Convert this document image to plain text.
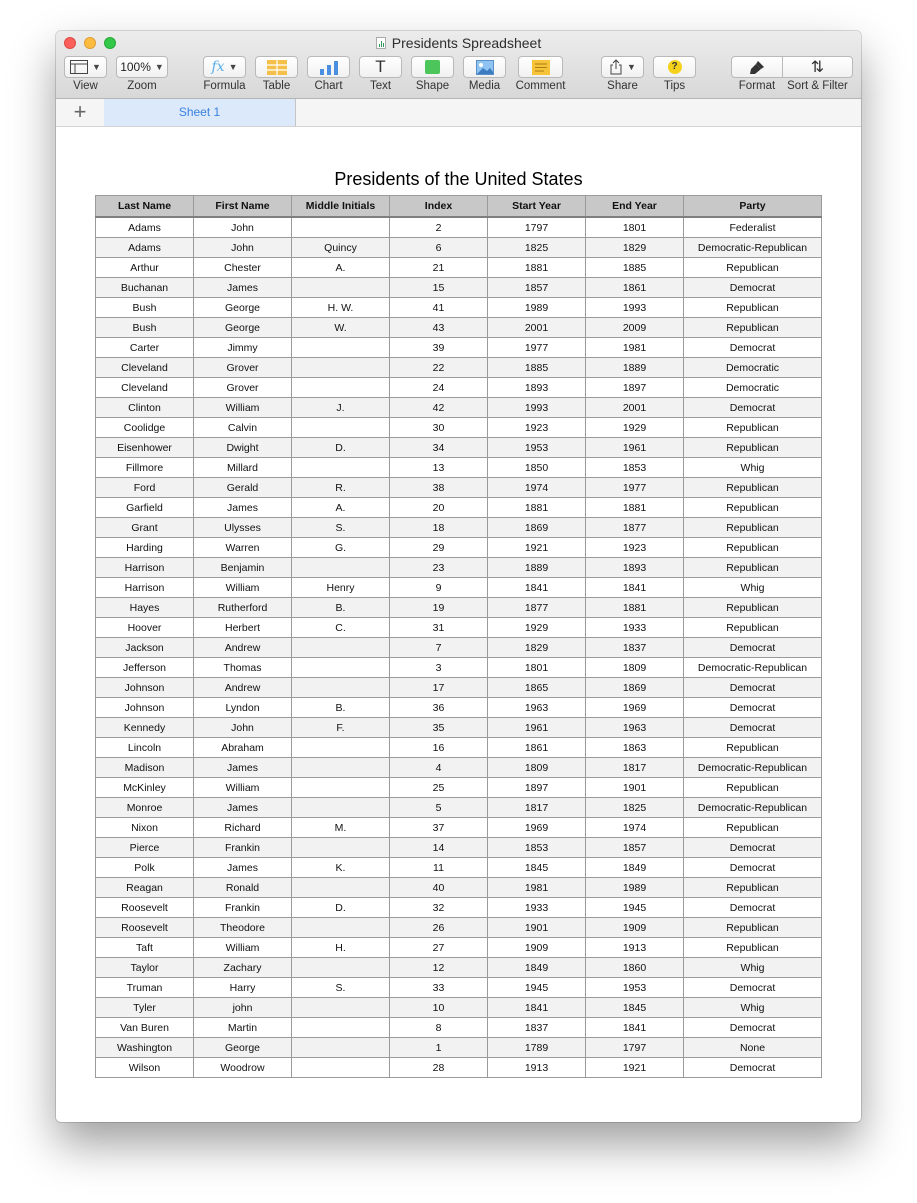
Presidents Spreadsheet
▼
View
100% ▼
Zoom
fx ▼
Formula	Table	Chart
T
Text	Shape	Media	Comment
▼
Share
?
Tips
⇅
Format	Sort & Filter
+	Sheet 1
Presidents of the United States
Last Name	First Name	Middle Initials	Index	Start Year	End Year	Party
Adams	John		2	1797	1801	Federalist
Adams	John	Quincy	6	1825	1829	Democratic-Republican
Arthur	Chester	A.	21	1881	1885	Republican
Buchanan	James		15	1857	1861	Democrat
Bush	George	H. W.	41	1989	1993	Republican
Bush	George	W.	43	2001	2009	Republican
Carter	Jimmy		39	1977	1981	Democrat
Cleveland	Grover		22	1885	1889	Democratic
Cleveland	Grover		24	1893	1897	Democratic
Clinton	William	J.	42	1993	2001	Democrat
Coolidge	Calvin		30	1923	1929	Republican
Eisenhower	Dwight	D.	34	1953	1961	Republican
Fillmore	Millard		13	1850	1853	Whig
Ford	Gerald	R.	38	1974	1977	Republican
Garfield	James	A.	20	1881	1881	Republican
Grant	Ulysses	S.	18	1869	1877	Republican
Harding	Warren	G.	29	1921	1923	Republican
Harrison	Benjamin		23	1889	1893	Republican
Harrison	William	Henry	9	1841	1841	Whig
Hayes	Rutherford	B.	19	1877	1881	Republican
Hoover	Herbert	C.	31	1929	1933	Republican
Jackson	Andrew		7	1829	1837	Democrat
Jefferson	Thomas		3	1801	1809	Democratic-Republican
Johnson	Andrew		17	1865	1869	Democrat
Johnson	Lyndon	B.	36	1963	1969	Democrat
Kennedy	John	F.	35	1961	1963	Democrat
Lincoln	Abraham		16	1861	1863	Republican
Madison	James		4	1809	1817	Democratic-Republican
McKinley	William		25	1897	1901	Republican
Monroe	James		5	1817	1825	Democratic-Republican
Nixon	Richard	M.	37	1969	1974	Republican
Pierce	Frankin		14	1853	1857	Democrat
Polk	James	K.	11	1845	1849	Democrat
Reagan	Ronald		40	1981	1989	Republican
Roosevelt	Frankin	D.	32	1933	1945	Democrat
Roosevelt	Theodore		26	1901	1909	Republican
Taft	William	H.	27	1909	1913	Republican
Taylor	Zachary		12	1849	1860	Whig
Truman	Harry	S.	33	1945	1953	Democrat
Tyler	john		10	1841	1845	Whig
Van Buren	Martin		8	1837	1841	Democrat
Washington	George		1	1789	1797	None
Wilson	Woodrow		28	1913	1921	Democrat
